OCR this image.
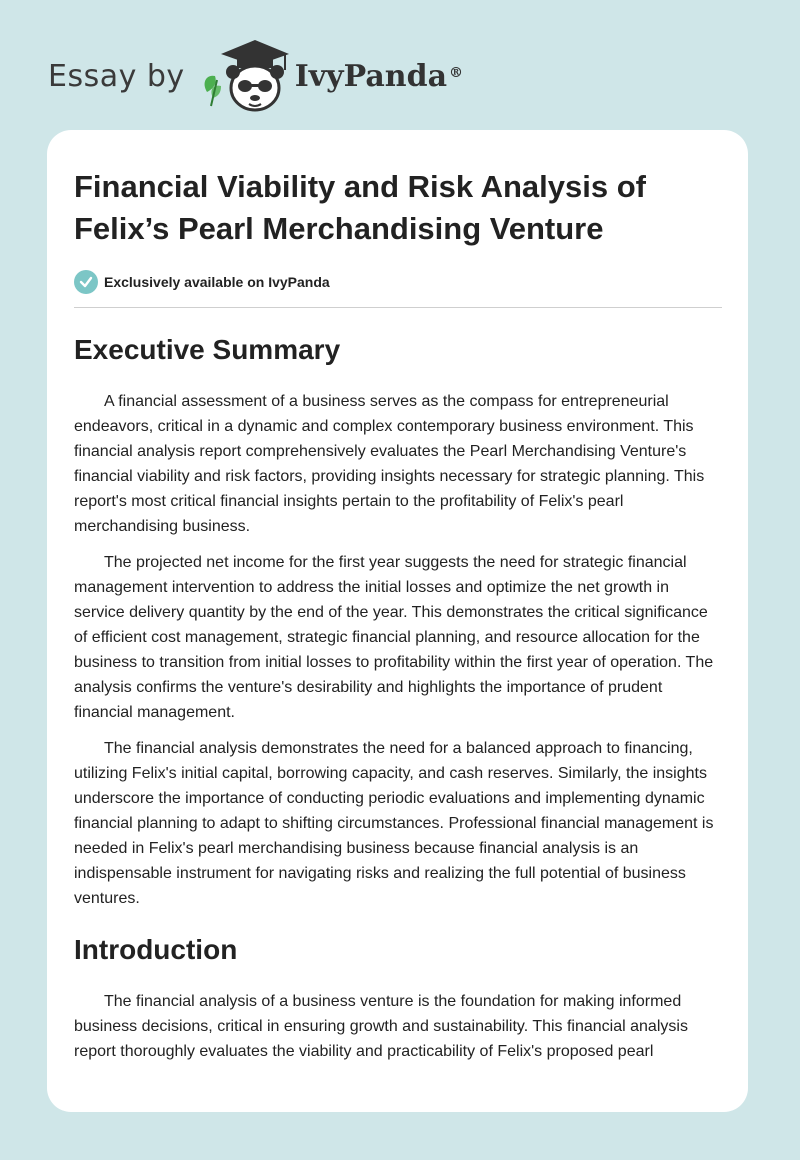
Essay by	IvyPanda ®
Financial Viability and Risk Analysis of Felix’s Pearl Merchandising Venture
Exclusively available on IvyPanda
Executive Summary

A financial assessment of a business serves as the compass for entrepreneurial endeavors, critical in a dynamic and complex contemporary business environment. This financial analysis report comprehensively evaluates the Pearl Merchandising Venture's financial viability and risk factors, providing insights necessary for strategic planning. This report's most critical financial insights pertain to the profitability of Felix's pearl merchandising business.

The projected net income for the first year suggests the need for strategic financial management intervention to address the initial losses and optimize the net growth in service delivery quantity by the end of the year. This demonstrates the critical significance of efficient cost management, strategic financial planning, and resource allocation for the business to transition from initial losses to profitability within the first year of operation. The analysis confirms the venture's desirability and highlights the importance of prudent financial management.

The financial analysis demonstrates the need for a balanced approach to financing, utilizing Felix's initial capital, borrowing capacity, and cash reserves. Similarly, the insights underscore the importance of conducting periodic evaluations and implementing dynamic financial planning to adapt to shifting circumstances. Professional financial management is needed in Felix's pearl merchandising business because financial analysis is an indispensable instrument for navigating risks and realizing the full potential of business ventures.

Introduction

The financial analysis of a business venture is the foundation for making informed business decisions, critical in ensuring growth and sustainability. This financial analysis report thoroughly evaluates the viability and practicability of Felix's proposed pearl
